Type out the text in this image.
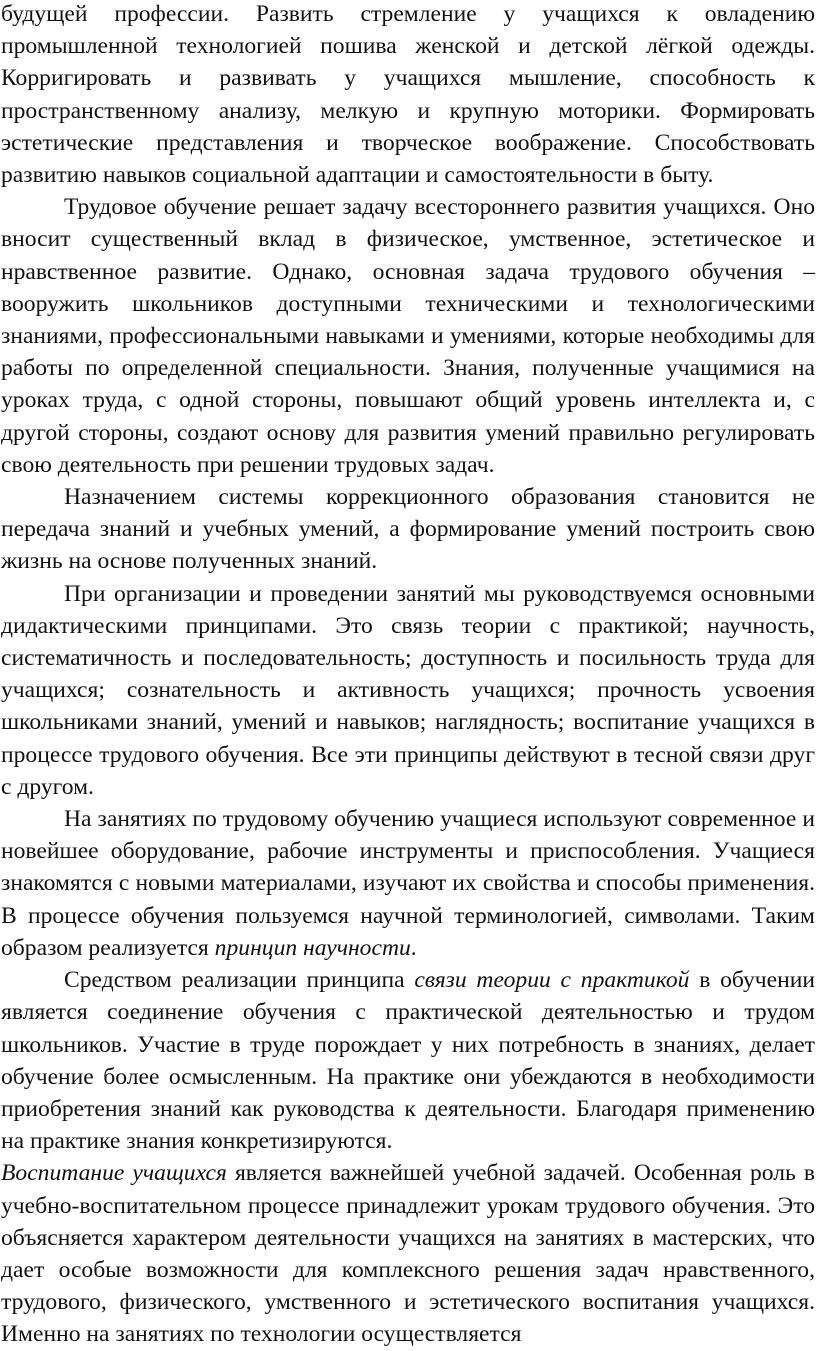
будущей профессии. Развить стремление у учащихся к овладению промышленной технологией пошива женской и детской лёгкой одежды. Корригировать и развивать у учащихся мышление, способность к пространственному анализу, мелкую и крупную моторики. Формировать эстетические представления и творческое воображение. Способствовать развитию навыков социальной адаптации и самостоятельности в быту.

Трудовое обучение решает задачу всестороннего развития учащихся. Оно вносит существенный вклад в физическое, умственное, эстетическое и нравственное развитие. Однако, основная задача трудового обучения – вооружить школьников доступными техническими и технологическими знаниями, профессиональными навыками и умениями, которые необходимы для работы по определенной специальности. Знания, полученные учащимися на уроках труда, с одной стороны, повышают общий уровень интеллекта и, с другой стороны, создают основу для развития умений правильно регулировать свою деятельность при решении трудовых задач.

Назначением системы коррекционного образования становится не передача знаний и учебных умений, а формирование умений построить свою жизнь на основе полученных знаний.

При организации и проведении занятий мы руководствуемся основными дидактическими принципами. Это связь теории с практикой; научность, систематичность и последовательность; доступность и посильность труда для учащихся; сознательность и активность учащихся; прочность усвоения школьниками знаний, умений и навыков; наглядность; воспитание учащихся в процессе трудового обучения. Все эти принципы действуют в тесной связи друг с другом.

На занятиях по трудовому обучению учащиеся используют современное и новейшее оборудование, рабочие инструменты и приспособления. Учащиеся знакомятся с новыми материалами, изучают их свойства и способы применения. В процессе обучения пользуемся научной терминологией, символами. Таким образом реализуется принцип научности.

Средством реализации принципа связи теории с практикой в обучении является соединение обучения с практической деятельностью и трудом школьников. Участие в труде порождает у них потребность в знаниях, делает обучение более осмысленным. На практике они убеждаются в необходимости приобретения знаний как руководства к деятельности. Благодаря применению на практике знания конкретизируются.

Воспитание учащихся является важнейшей учебной задачей. Особенная роль в учебно-воспитательном процессе принадлежит урокам трудового обучения. Это объясняется характером деятельности учащихся на занятиях в мастерских, что дает особые возможности для комплексного решения задач нравственного, трудового, физического, умственного и эстетического воспитания учащихся. Именно на занятиях по технологии осуществляется
